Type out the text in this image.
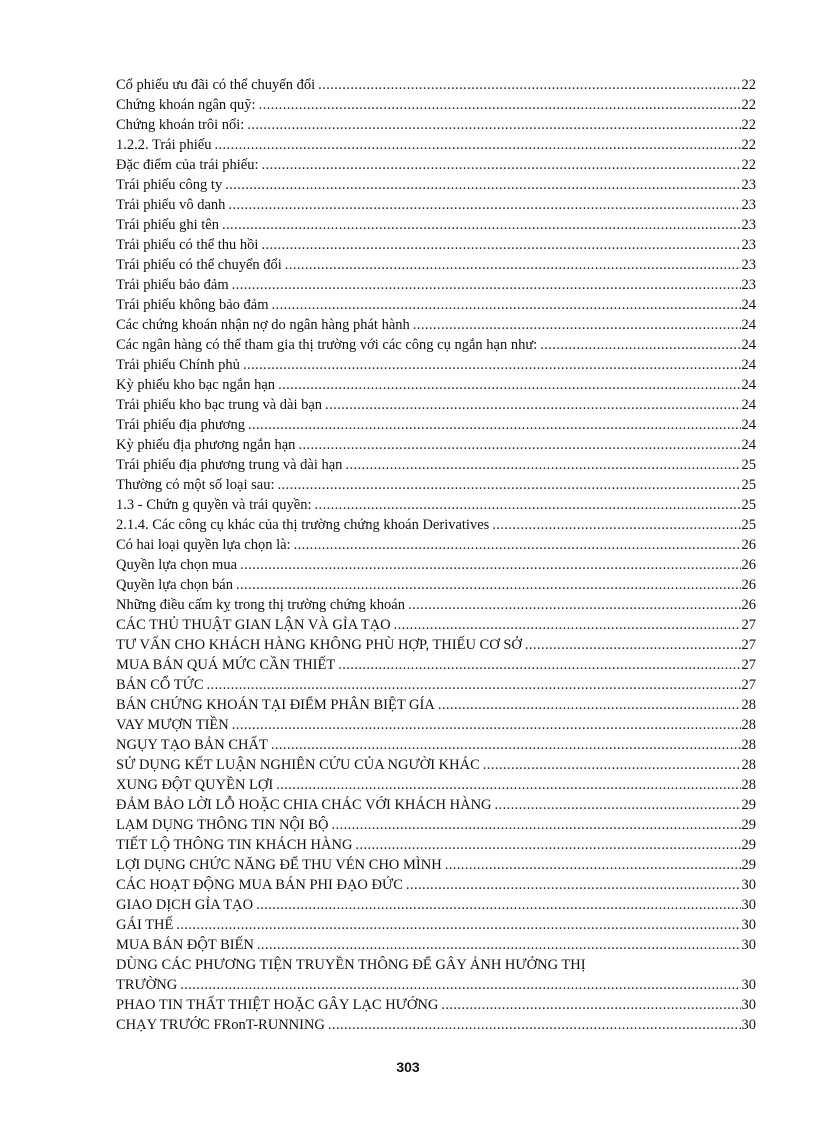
Cổ phiếu ưu đãi có thể chuyển đổi .....	22
Chứng khoán ngân quỹ: .....	22
Chứng khoán trôi nổi: .....	22
1.2.2. Trái phiếu .....	22
Đặc điểm của trái phiếu: .....	22
Trái phiếu công ty .....	23
Trái phiếu vô danh .....	23
Trái phiếu ghi tên .....	23
Trái phiếu có thể thu hồi .....	23
Trái phiếu có thể chuyển đổi .....	23
Trái phiếu bảo đảm .....	23
Trái phiếu không bảo đảm .....	24
Các chứng khoán nhận nợ do ngân hàng phát hành .....	24
Các ngân hàng có thể tham gia thị trường với các công cụ ngắn hạn như: .....	24
Trái phiếu Chính phủ .....	24
Kỳ phiếu kho bạc ngắn hạn .....	24
Trái phiếu kho bạc trung và dài bạn .....	24
Trái phiếu địa phương .....	24
Kỳ phiếu địa phương ngắn hạn .....	24
Trái phiếu địa phương trung và dài hạn .....	25
Thường có một số loại sau: .....	25
1.3 - Chứn g quyền và trái quyền: .....	25
2.1.4. Các công cụ khác của thị trường chứng khoán Derivatives .....	25
Có hai loại quyền lựa chọn là: .....	26
Quyền lựa chọn mua .....	26
Quyền lựa chọn bán .....	26
Những điều cấm kỵ trong thị trường chứng khoán .....	26
CÁC THỦ THUẬT GIAN LẬN VÀ GỈA TẠO .....	27
TƯ VẤN CHO KHÁCH HÀNG KHÔNG PHÙ HỢP, THIẾU CƠ SỞ .....	27
MUA BÁN QUÁ MỨC CẦN THIẾT .....	27
BÁN CỔ TỨC .....	27
BÁN CHỨNG KHOÁN TẠI ĐIỂM PHÂN BIỆT GÍA .....	28
VAY MƯỢN TIỀN .....	28
NGỤY TẠO BẢN CHẤT .....	28
SỬ DỤNG KẾT LUẬN NGHIÊN CỨU CỦA NGƯỜI KHÁC .....	28
XUNG ĐỘT QUYỀN LỢI .....	28
ĐẢM BẢO LỜI LỖ HOẶC CHIA CHÁC VỚI KHÁCH HÀNG .....	29
LẠM DỤNG THÔNG TIN NỘI BỘ .....	29
TIẾT LỘ THÔNG TIN KHÁCH HÀNG .....	29
LỢI DỤNG CHỨC NĂNG ĐỂ THU VÉN CHO MÌNH .....	29
CÁC HOẠT ĐỘNG MUA BÁN PHI ĐẠO ĐỨC .....	30
GIAO DỊCH GỈA TẠO .....	30
GÁI THẾ .....	30
MUA BÁN ĐỘT BIẾN .....	30
DÙNG CÁC PHƯƠNG TIỆN TRUYỀN THÔNG ĐỂ GÂY ẢNH HƯỞNG THỊ
TRƯỜNG .....	30
PHAO TIN THẤT THIỆT HOẶC GÂY LẠC HƯỚNG .....	30
CHẠY TRƯỚC FRonT-RUNNING .....	30
303
